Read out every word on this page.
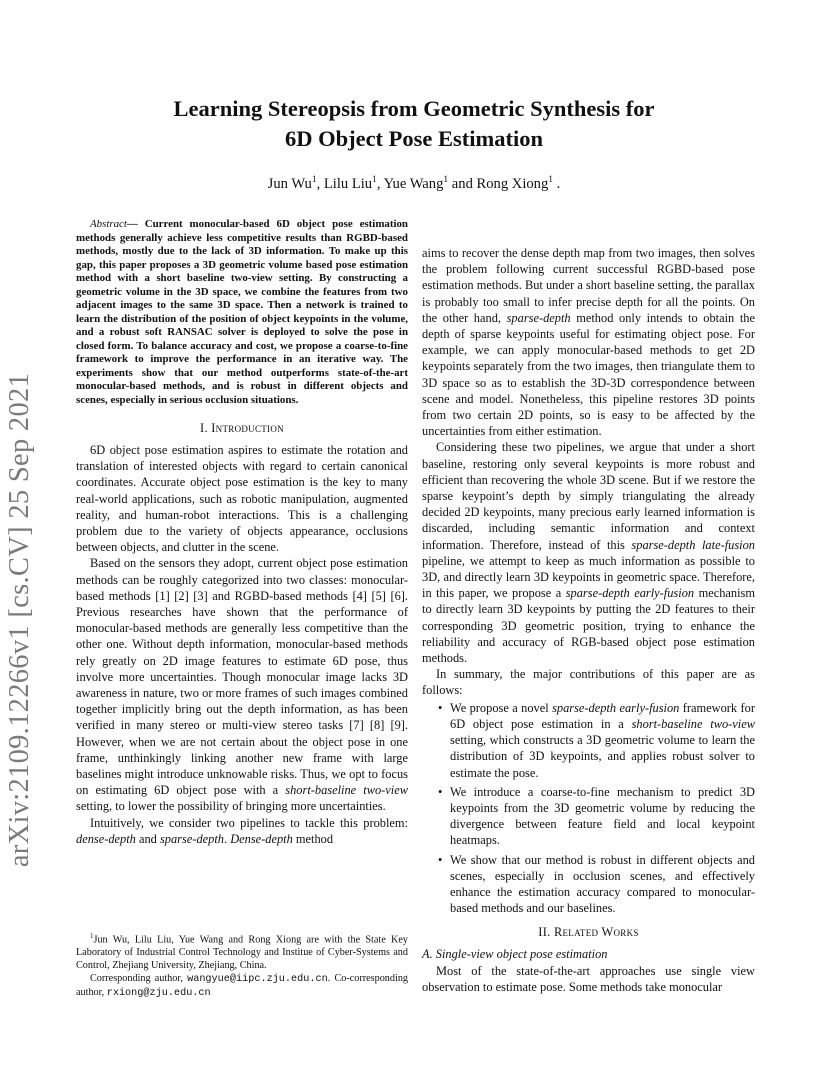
arXiv:2109.12266v1 [cs.CV] 25 Sep 2021
Learning Stereopsis from Geometric Synthesis for
6D Object Pose Estimation
Jun Wu$^1$, Lilu Liu$^1$, Yue Wang$^1$ and Rong Xiong$^1$ .

Abstract— Current monocular-based 6D object pose estimation methods generally achieve less competitive results than RGBD-based methods, mostly due to the lack of 3D information. To make up this gap, this paper proposes a 3D geometric volume based pose estimation method with a short baseline two-view setting. By constructing a geometric volume in the 3D space, we combine the features from two adjacent images to the same 3D space. Then a network is trained to learn the distribution of the position of object keypoints in the volume, and a robust soft RANSAC solver is deployed to solve the pose in closed form. To balance accuracy and cost, we propose a coarse-to-fine framework to improve the performance in an iterative way. The experiments show that our method outperforms state-of-the-art monocular-based methods, and is robust in different objects and scenes, especially in serious occlusion situations.

I. Introduction

6D object pose estimation aspires to estimate the rotation and translation of interested objects with regard to certain canonical coordinates. Accurate object pose estimation is the key to many real-world applications, such as robotic manipulation, augmented reality, and human-robot interactions. This is a challenging problem due to the variety of objects appearance, occlusions between objects, and clutter in the scene.

Based on the sensors they adopt, current object pose estimation methods can be roughly categorized into two classes: monocular-based methods [1] [2] [3] and RGBD-based methods [4] [5] [6]. Previous researches have shown that the performance of monocular-based methods are generally less competitive than the other one. Without depth information, monocular-based methods rely greatly on 2D image features to estimate 6D pose, thus involve more uncertainties. Though monocular image lacks 3D awareness in nature, two or more frames of such images combined together implicitly bring out the depth information, as has been verified in many stereo or multi-view stereo tasks [7] [8] [9]. However, when we are not certain about the object pose in one frame, unthinkingly linking another new frame with large baselines might introduce unknowable risks. Thus, we opt to focus on estimating 6D object pose with a short-baseline two-view setting, to lower the possibility of bringing more uncertainties.

Intuitively, we consider two pipelines to tackle this problem: dense-depth and sparse-depth. Dense-depth method

$^1$Jun Wu, Lilu Liu, Yue Wang and Rong Xiong are with the State Key Laboratory of Industrial Control Technology and Institue of Cyber-Systems and Control, Zhejiang University, Zhejiang, China.

Corresponding author, wangyue@iipc.zju.edu.cn. Co-corresponding author, rxiong@zju.edu.cn

aims to recover the dense depth map from two images, then solves the problem following current successful RGBD-based pose estimation methods. But under a short baseline setting, the parallax is probably too small to infer precise depth for all the points. On the other hand, sparse-depth method only intends to obtain the depth of sparse keypoints useful for estimating object pose. For example, we can apply monocular-based methods to get 2D keypoints separately from the two images, then triangulate them to 3D space so as to establish the 3D-3D correspondence between scene and model. Nonetheless, this pipeline restores 3D points from two certain 2D points, so is easy to be affected by the uncertainties from either estimation.

Considering these two pipelines, we argue that under a short baseline, restoring only several keypoints is more robust and efficient than recovering the whole 3D scene. But if we restore the sparse keypoint’s depth by simply triangulating the already decided 2D keypoints, many precious early learned information is discarded, including semantic information and context information. Therefore, instead of this sparse-depth late-fusion pipeline, we attempt to keep as much information as possible to 3D, and directly learn 3D keypoints in geometric space. Therefore, in this paper, we propose a sparse-depth early-fusion mechanism to directly learn 3D keypoints by putting the 2D features to their corresponding 3D geometric position, trying to enhance the reliability and accuracy of RGB-based object pose estimation methods.

In summary, the major contributions of this paper are as follows:

• We propose a novel sparse-depth early-fusion framework for 6D object pose estimation in a short-baseline two-view setting, which constructs a 3D geometric volume to learn the distribution of 3D keypoints, and applies robust solver to estimate the pose.
• We introduce a coarse-to-fine mechanism to predict 3D keypoints from the 3D geometric volume by reducing the divergence between feature field and local keypoint heatmaps.
• We show that our method is robust in different objects and scenes, especially in occlusion scenes, and effectively enhance the estimation accuracy compared to monocular-based methods and our baselines.
II. Related Works
A. Single-view object pose estimation

Most of the state-of-the-art approaches use single view observation to estimate pose. Some methods take monocular
